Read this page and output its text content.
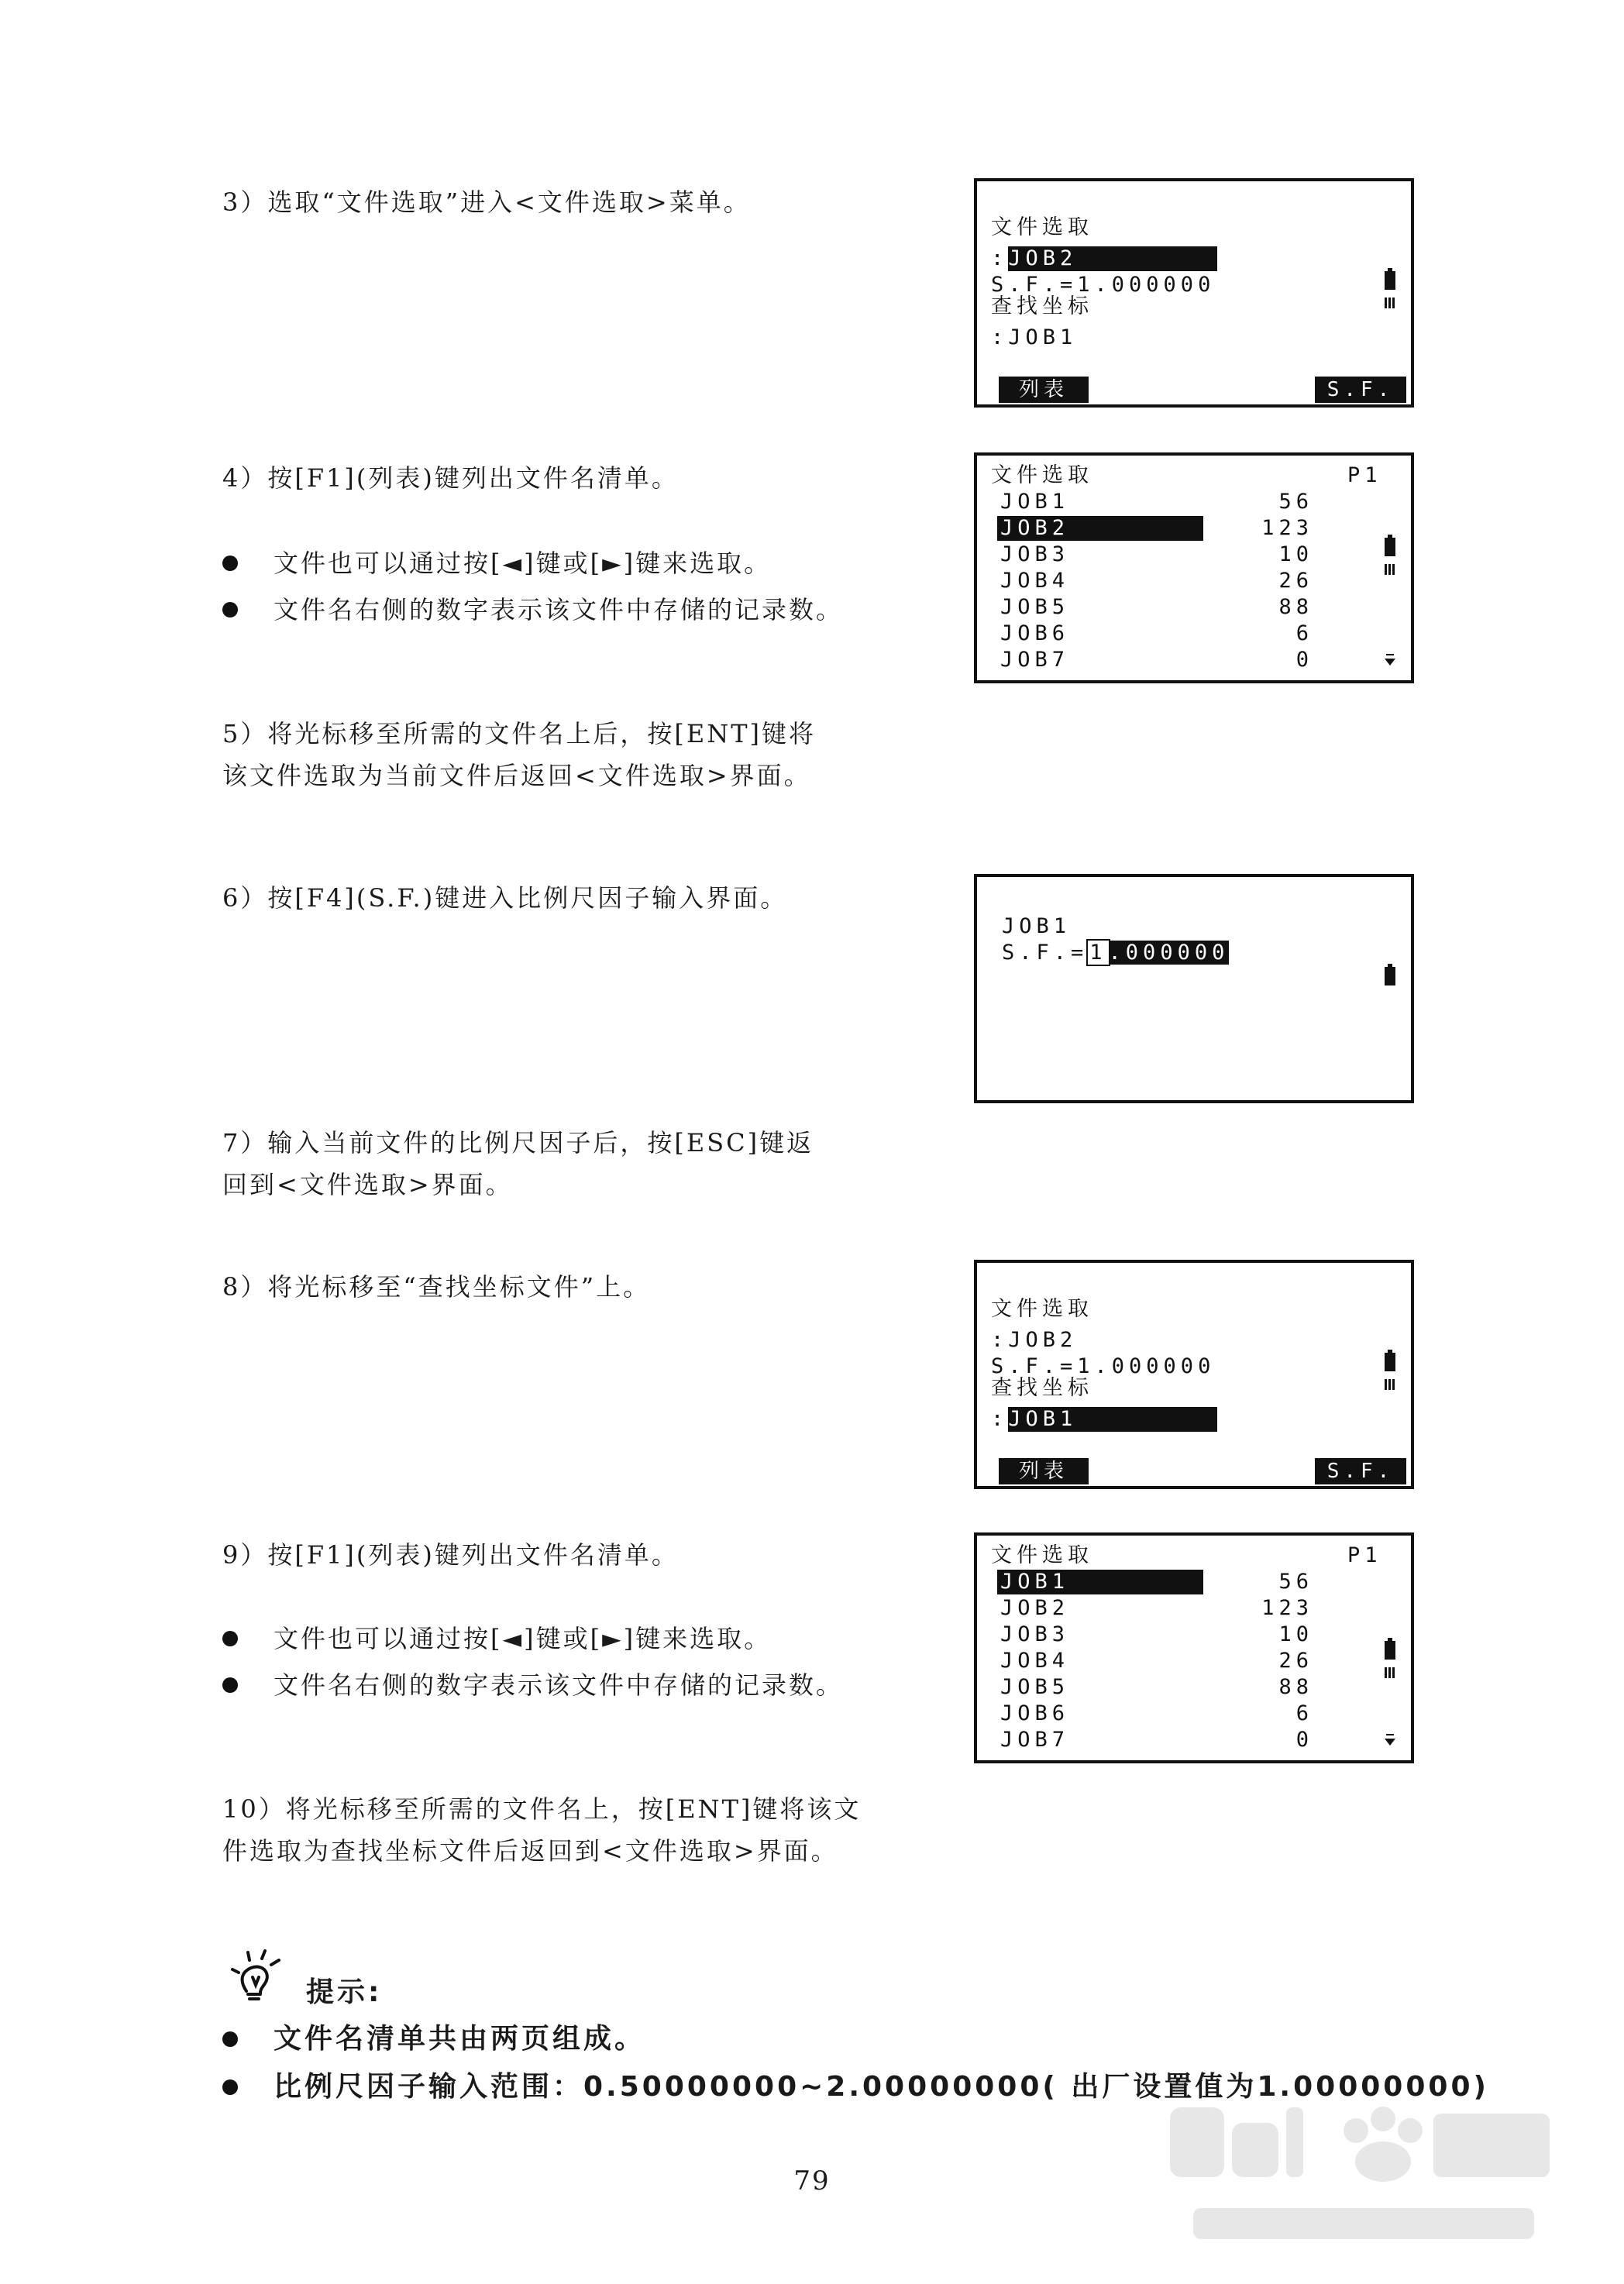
3）选取“文件选取”进入<文件选取>菜单。

文件选取
:JOB2
S.F.=1.000000
查找坐标
:JOB1
列表	S.F.

4）按[F1](列表)键列出文件名清单。

文件也可以通过按[◄]键或[►]键来选取。
文件名右侧的数字表示该文件中存储的记录数。
文件选取	P1
JOB1	56
JOB2	123
JOB3	10
JOB4	26
JOB5	88
JOB6	6
JOB7	0

5）将光标移至所需的文件名上后，按[ENT]键将

该文件选取为当前文件后返回<文件选取>界面。

6）按[F4](S.F.)键进入比例尺因子输入界面。

JOB1
S.F.=1.000000

7）输入当前文件的比例尺因子后，按[ESC]键返

回到<文件选取>界面。

8）将光标移至“查找坐标文件”上。

文件选取
:JOB2
S.F.=1.000000
查找坐标
:JOB1
列表	S.F.

9）按[F1](列表)键列出文件名清单。

文件也可以通过按[◄]键或[►]键来选取。
文件名右侧的数字表示该文件中存储的记录数。
文件选取	P1
JOB1	56
JOB2	123
JOB3	10
JOB4	26
JOB5	88
JOB6	6
JOB7	0

10）将光标移至所需的文件名上，按[ENT]键将该文

件选取为查找坐标文件后返回到<文件选取>界面。

提示:
文件名清单共由两页组成。
比例尺因子输入范围：0.50000000~2.00000000( 出厂设置值为1.00000000)
79
